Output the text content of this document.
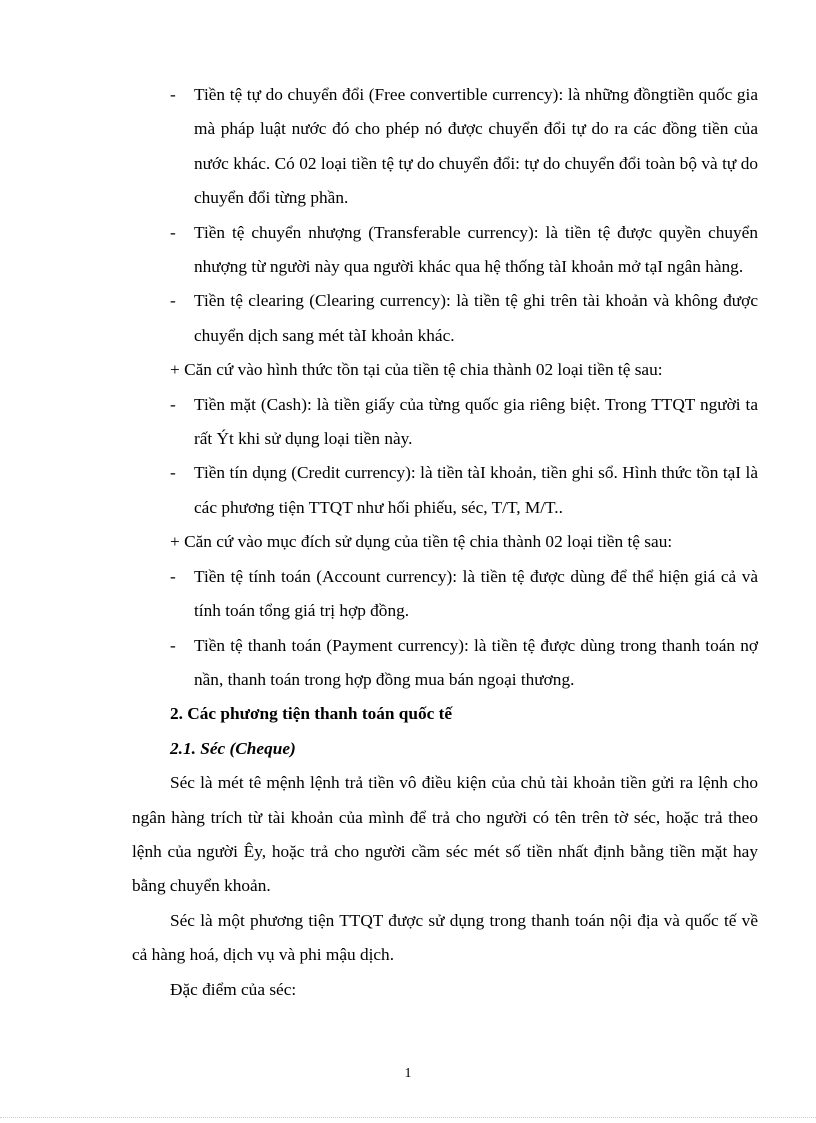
- Tiền tệ tự do chuyển đổi (Free convertible currency): là những đồngtiền quốc gia mà pháp luật nước đó cho phép nó được chuyển đổi tự do ra các đồng tiền của nước khác. Có 02 loại tiền tệ tự do chuyển đổi: tự do chuyển đổi toàn bộ và tự do chuyển đổi từng phần.

- Tiền tệ chuyển nhượng (Transferable currency): là tiền tệ được quyền chuyển nhượng từ người này qua người khác qua hệ thống tàI khoản mở tạI ngân hàng.

- Tiền tệ clearing (Clearing currency): là tiền tệ ghi trên tài khoản và không được chuyển dịch sang mét tàI khoản khác.

+ Căn cứ vào hình thức tồn tại của tiền tệ chia thành 02 loại tiền tệ sau:

- Tiền mặt (Cash): là tiền giấy của từng quốc gia riêng biệt. Trong TTQT người ta rất Ýt khi sử dụng loại tiền này.

- Tiền tín dụng (Credit currency): là tiền tàI khoản, tiền ghi sổ. Hình thức tồn tạI là các phương tiện TTQT như hối phiếu, séc, T/T, M/T..

+ Căn cứ vào mục đích sử dụng của tiền tệ chia thành 02 loại tiền tệ sau:

- Tiền tệ tính toán (Account currency): là tiền tệ được dùng để thể hiện giá cả và tính toán tổng giá trị hợp đồng.

- Tiền tệ thanh toán (Payment currency): là tiền tệ được dùng trong thanh toán nợ nần, thanh toán trong hợp đồng mua bán ngoại thương.

2. Các phương tiện thanh toán quốc tế

2.1. Séc (Cheque)

Séc là mét tê mệnh lệnh trả tiền vô điều kiện của chủ tài khoản tiền gửi ra lệnh cho ngân hàng trích từ tài khoản của mình để trả cho người có tên trên tờ séc, hoặc trả theo lệnh của người Êy, hoặc trả cho người cầm séc mét số tiền nhất định bằng tiền mặt hay bằng chuyển khoản.

Séc là một phương tiện TTQT được sử dụng trong thanh toán nội địa và quốc tế về cả hàng hoá, dịch vụ và phi mậu dịch.

Đặc điểm của séc:

1
